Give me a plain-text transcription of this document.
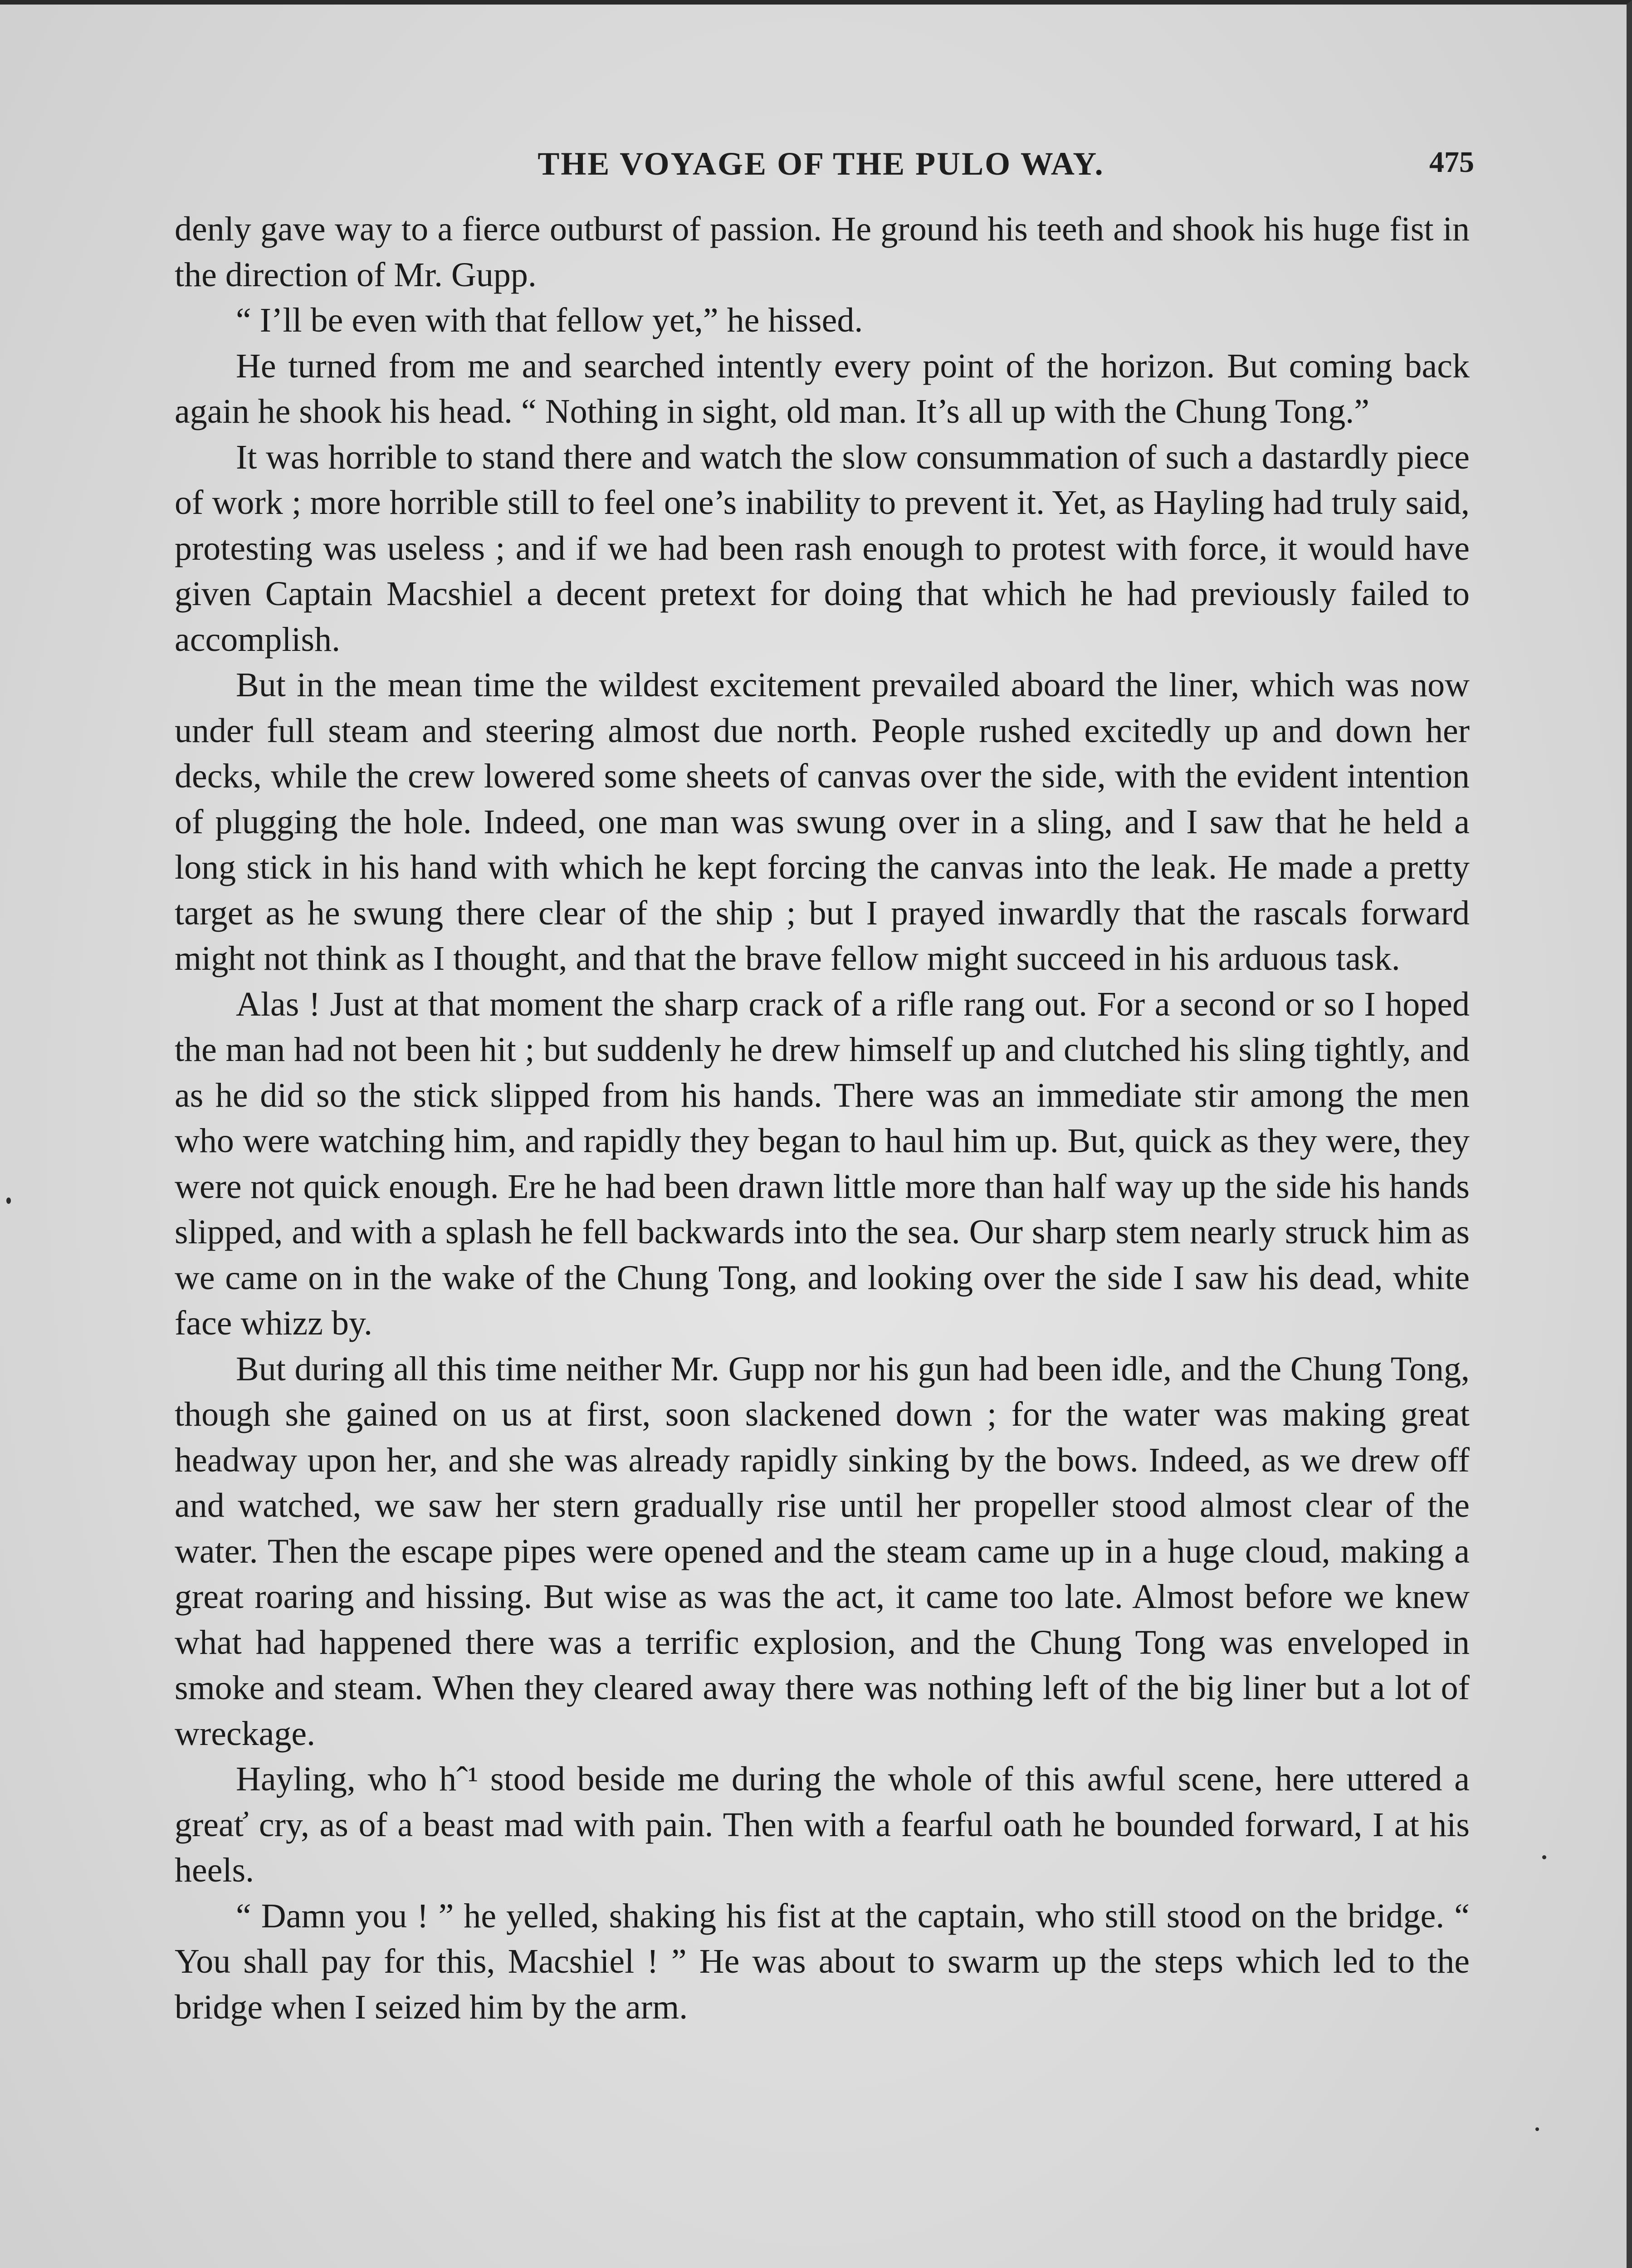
THE VOYAGE OF THE PULO WAY.	475

denly gave way to a fierce outburst of passion. He ground his teeth and shook his huge fist in the direction of Mr. Gupp.

“ I’ll be even with that fellow yet,” he hissed.

He turned from me and searched intently every point of the horizon. But coming back again he shook his head. “ Nothing in sight, old man. It’s all up with the Chung Tong.”

It was horrible to stand there and watch the slow consummation of such a dastardly piece of work ; more horrible still to feel one’s inability to prevent it. Yet, as Hayling had truly said, protesting was useless ; and if we had been rash enough to protest with force, it would have given Captain Macshiel a decent pretext for doing that which he had previously failed to accomplish.

But in the mean time the wildest excitement prevailed aboard the liner, which was now under full steam and steering almost due north. People rushed excitedly up and down her decks, while the crew lowered some sheets of canvas over the side, with the evident intention of plugging the hole. Indeed, one man was swung over in a sling, and I saw that he held a long stick in his hand with which he kept forcing the canvas into the leak. He made a pretty target as he swung there clear of the ship ; but I prayed inwardly that the rascals forward might not think as I thought, and that the brave fellow might succeed in his arduous task.

Alas ! Just at that moment the sharp crack of a rifle rang out. For a second or so I hoped the man had not been hit ; but suddenly he drew himself up and clutched his sling tightly, and as he did so the stick slipped from his hands. There was an immediate stir among the men who were watching him, and rapidly they began to haul him up. But, quick as they were, they were not quick enough. Ere he had been drawn little more than half way up the side his hands slipped, and with a splash he fell backwards into the sea. Our sharp stem nearly struck him as we came on in the wake of the Chung Tong, and looking over the side I saw his dead, white face whizz by.

But during all this time neither Mr. Gupp nor his gun had been idle, and the Chung Tong, though she gained on us at first, soon slackened down ; for the water was making great headway upon her, and she was already rapidly sinking by the bows. Indeed, as we drew off and watched, we saw her stern gradually rise until her propeller stood almost clear of the water. Then the escape pipes were opened and the steam came up in a huge cloud, making a great roaring and hissing. But wise as was the act, it came too late. Almost before we knew what had happened there was a terrific explosion, and the Chung Tong was enveloped in smoke and steam. When they cleared away there was nothing left of the big liner but a lot of wreckage.

Hayling, who hˆ¹ stood beside me during the whole of this awful scene, here uttered a greať cry, as of a beast mad with pain. Then with a fearful oath he bounded forward, I at his heels.

“ Damn you ! ” he yelled, shaking his fist at the captain, who still stood on the bridge. “ You shall pay for this, Macshiel ! ” He was about to swarm up the steps which led to the bridge when I seized him by the arm.
